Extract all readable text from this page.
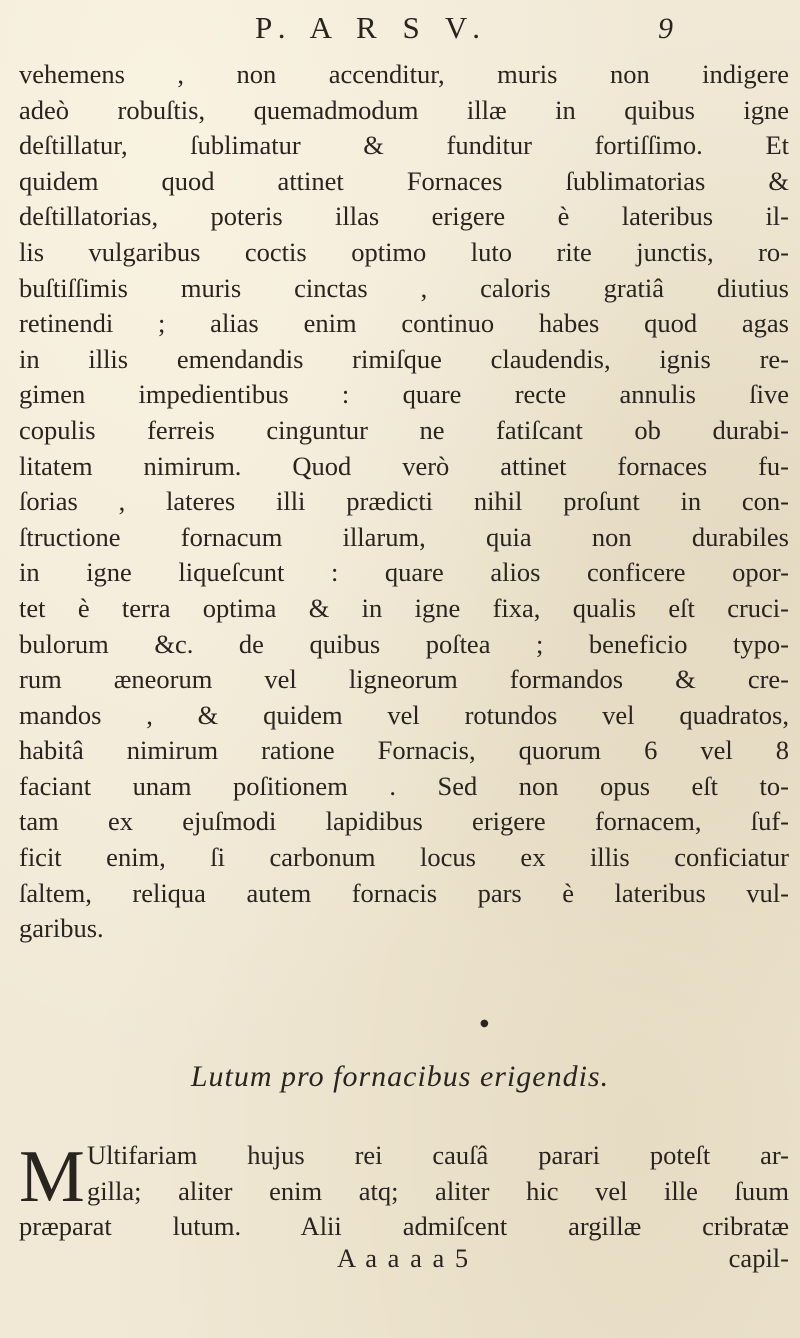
P. A R S V.	9
vehemens , non accenditur, muris non indigere
adeò robuſtis, quemadmodum illæ in quibus igne
deſtillatur, ſublimatur & funditur fortiſſimo. Et
quidem quod attinet Fornaces ſublimatorias &
deſtillatorias, poteris illas erigere è lateribus il-
lis vulgaribus coctis optimo luto rite junctis, ro-
buſtiſſimis muris cinctas , caloris gratiâ diutius
retinendi ; alias enim continuo habes quod agas
in illis emendandis rimiſque claudendis, ignis re-
gimen impedientibus : quare recte annulis ſive
copulis ferreis cinguntur ne fatiſcant ob durabi-
litatem nimirum. Quod verò attinet fornaces fu-
ſorias , lateres illi prædicti nihil proſunt in con-
ſtructione fornacum illarum, quia non durabiles
in igne liqueſcunt : quare alios conficere opor-
tet è terra optima & in igne fixa, qualis eſt cruci-
bulorum &c. de quibus poſtea ; beneficio typo-
rum æneorum vel ligneorum formandos & cre-
mandos , & quidem vel rotundos vel quadratos,
habitâ nimirum ratione Fornacis, quorum 6 vel 8
faciant unam poſitionem . Sed non opus eſt to-
tam ex ejuſmodi lapidibus erigere fornacem, ſuf-
ficit enim, ſi carbonum locus ex illis conficiatur
ſaltem, reliqua autem fornacis pars è lateribus vul-
garibus.
●
Lutum pro fornacibus erigendis.
M Ultifariam hujus rei cauſâ parari poteſt ar-
gilla; aliter enim atq; aliter hic vel ille ſuum
præparat lutum. Alii admiſcent argillæ cribratæ
A a a a a 5	capil-
